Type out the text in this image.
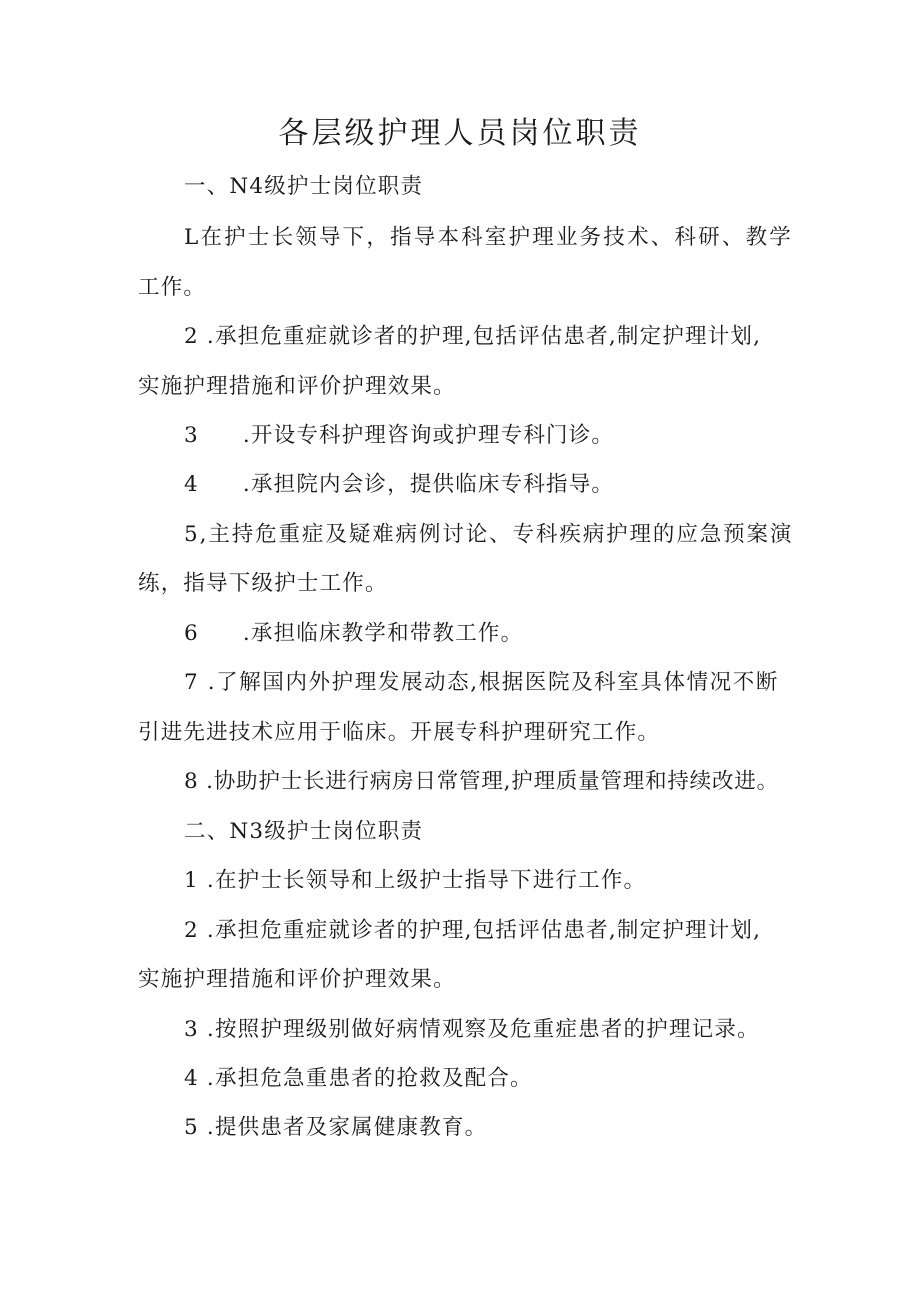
各层级护理人员岗位职责
一、N4级护士岗位职责
L在护士长领导下，指导本科室护理业务技术、科研、教学
工作。
2 .承担危重症就诊者的护理,包括评估患者,制定护理计划,
实施护理措施和评价护理效果。
3 .开设专科护理咨询或护理专科门诊。
4 .承担院内会诊，提供临床专科指导。
5,主持危重症及疑难病例讨论、专科疾病护理的应急预案演
练，指导下级护士工作。
6 .承担临床教学和带教工作。
7 .了解国内外护理发展动态,根据医院及科室具体情况不断
引进先进技术应用于临床。开展专科护理研究工作。
8 .协助护士长进行病房日常管理,护理质量管理和持续改进。
二、N3级护士岗位职责
1 .在护士长领导和上级护士指导下进行工作。
2 .承担危重症就诊者的护理,包括评估患者,制定护理计划,
实施护理措施和评价护理效果。
3 .按照护理级别做好病情观察及危重症患者的护理记录。
4 .承担危急重患者的抢救及配合。
5 .提供患者及家属健康教育。
